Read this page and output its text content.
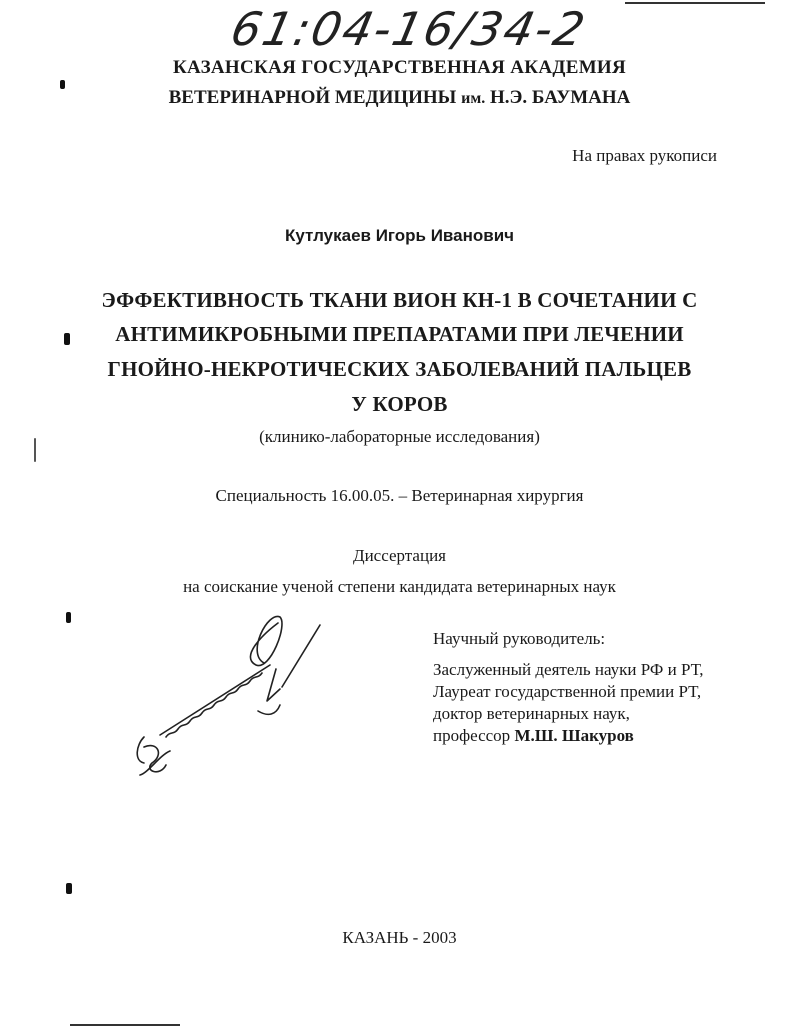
61:04-16/34-2
КАЗАНСКАЯ ГОСУДАРСТВЕННАЯ АКАДЕМИЯ
ВЕТЕРИНАРНОЙ МЕДИЦИНЫ им. Н.Э. БАУМАНА
На правах рукописи
Кутлукаев Игорь Иванович
ЭФФЕКТИВНОСТЬ ТКАНИ ВИОН КН-1 В СОЧЕТАНИИ С
АНТИМИКРОБНЫМИ ПРЕПАРАТАМИ ПРИ ЛЕЧЕНИИ
ГНОЙНО-НЕКРОТИЧЕСКИХ ЗАБОЛЕВАНИЙ ПАЛЬЦЕВ
У КОРОВ
(клинико-лабораторные исследования)
Специальность 16.00.05. – Ветеринарная хирургия
Диссертация
на соискание ученой степени кандидата ветеринарных наук
Научный руководитель:
Заслуженный деятель науки РФ и РТ,
Лауреат государственной премии РТ,
доктор ветеринарных наук,
профессор М.Ш. Шакуров
КАЗАНЬ - 2003
